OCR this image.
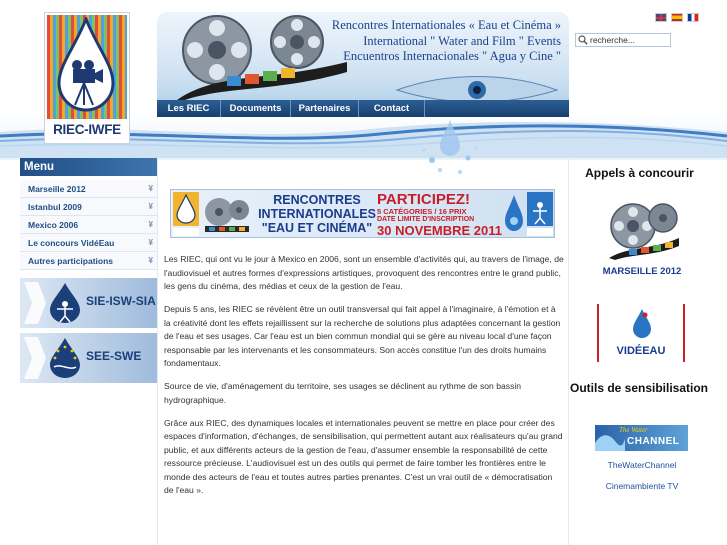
RIEC-IWFE
Rencontres Internationales « Eau et Cinéma »
International " Water and Film " Events
Encuentros Internacionales " Agua y Cine "
Les RIEC	Documents	Partenaires	Contact
recherche...
Menu
Marseille 2012	¥
Istanbul 2009	¥
Mexico 2006	¥
Le concours VidéEau	¥
Autres participations	¥
SIE-ISW-SIA
SEE-SWE
RENCONTRES INTERNATIONALES "EAU ET CINÉMA"
PARTICIPEZ!
5 CATÉGORIES / 16 PRIX
DATE LIMITE D'INSCRIPTION
30 NOVEMBRE 2011

Les RIEC, qui ont vu le jour à Mexico en 2006, sont un ensemble d'activités qui, au travers de l'image, de l'audiovisuel et autres formes d'expressions artistiques, provoquent des rencontres entre le grand public, les gens du cinéma, des médias et ceux de la gestion de l'eau.

Depuis 5 ans, les RIEC se révèlent être un outil transversal qui fait appel à l'imaginaire, à l'émotion et à la créativité dont les effets rejaillissent sur la recherche de solutions plus adaptées concernant la gestion de l'eau et ses usages. Car l'eau est un bien commun mondial qui se gère au niveau local d'une façon responsable par les intervenants et les consommateurs. Son accès constitue l'un des droits humains fondamentaux.

Source de vie, d'aménagement du territoire, ses usages se déclinent au rythme de son bassin hydrographique.

Grâce aux RIEC, des dynamiques locales et internationales peuvent se mettre en place pour créer des espaces d'information, d'échanges, de sensibilisation, qui permettent autant aux réalisateurs qu'au grand public, et aux différents acteurs de la gestion de l'eau, d'assumer ensemble la responsabilité de cette ressource précieuse. L'audiovisuel est un des outils qui permet de faire tomber les frontières entre le monde des acteurs de l'eau et toutes autres parties prenantes. C'est un vrai outil de « démocratisation de l'eau ».

Appels à concourir
MARSEILLE 2012
VIDÉEAU
Outils de sensibilisation
The Water
CHANNEL
TheWaterChannel
Cinemambiente TV
